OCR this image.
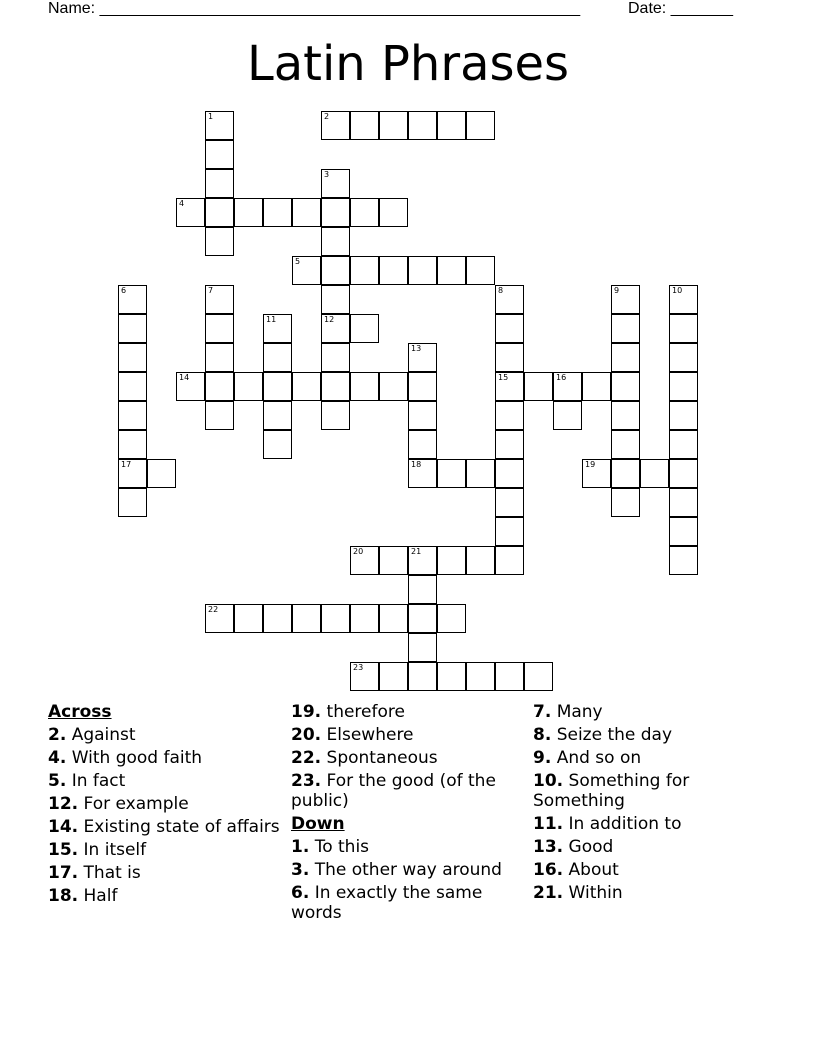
Name: ______________________________________________________	Date: _______
Latin Phrases
1	2
3
12
4
5
6
17
7	8
15
9	10
11
13
18
14	16
19
20	21
22
23
Across
2. Against
4. With good faith
5. In fact
12. For example
14. Existing state of affairs
15. In itself
17. That is
18. Half
19. therefore
20. Elsewhere
22. Spontaneous
23. For the good (of the public)
Down
1. To this
3. The other way around
6. In exactly the same words
7. Many
8. Seize the day
9. And so on
10. Something for Something
11. In addition to
13. Good
16. About
21. Within
